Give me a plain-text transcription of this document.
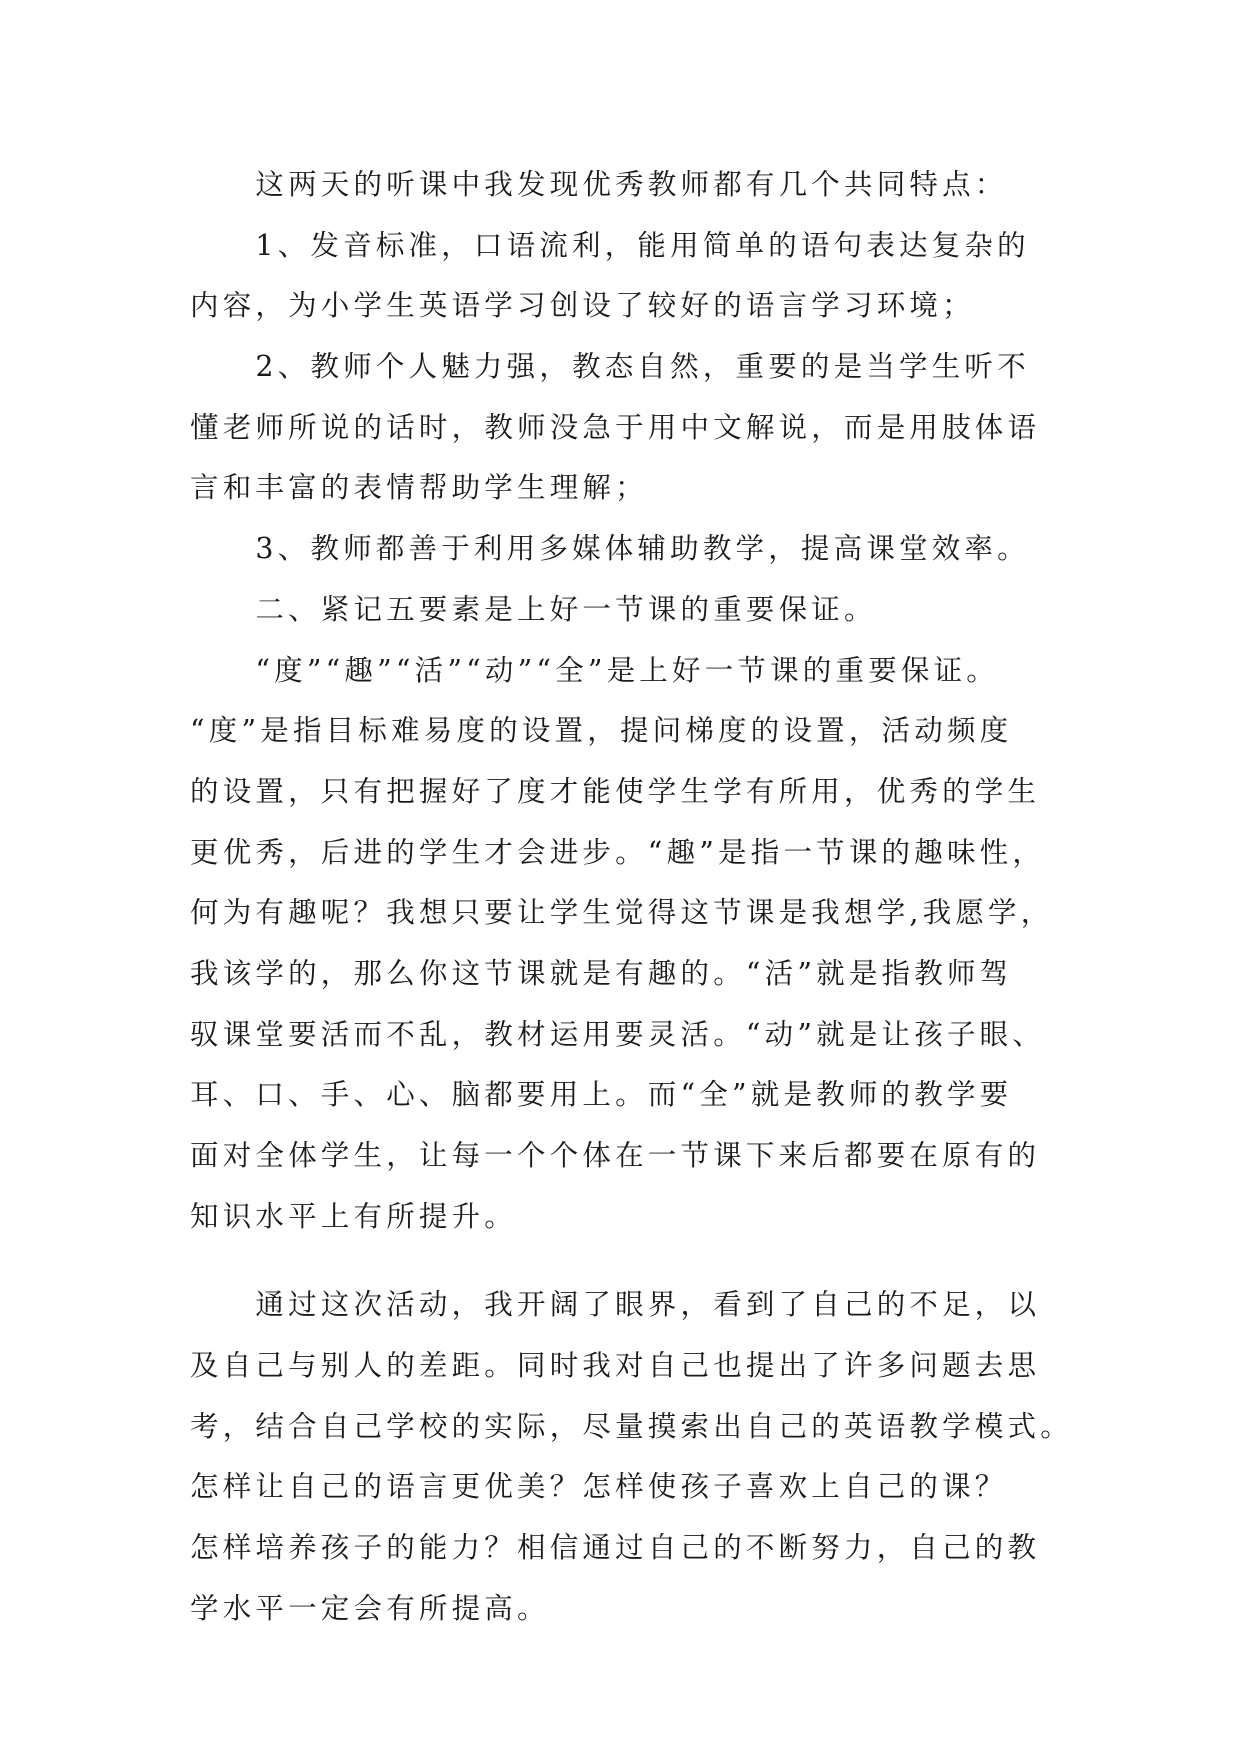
　　这两天的听课中我发现优秀教师都有几个共同特点：

　　1、发音标准，口语流利，能用简单的语句表达复杂的
内容，为小学生英语学习创设了较好的语言学习环境；

　　2、教师个人魅力强，教态自然，重要的是当学生听不
懂老师所说的话时，教师没急于用中文解说，而是用肢体语
言和丰富的表情帮助学生理解；

　　3、教师都善于利用多媒体辅助教学，提高课堂效率。

　　二、紧记五要素是上好一节课的重要保证。

　　“度”“趣”“活”“动”“全”是上好一节课的重要保证。
“度”是指目标难易度的设置，提问梯度的设置，活动频度
的设置，只有把握好了度才能使学生学有所用，优秀的学生
更优秀，后进的学生才会进步。“趣”是指一节课的趣味性，
何为有趣呢？我想只要让学生觉得这节课是我想学,我愿学，
我该学的，那么你这节课就是有趣的。“活”就是指教师驾
驭课堂要活而不乱，教材运用要灵活。“动”就是让孩子眼、
耳、口、手、心、脑都要用上。而“全”就是教师的教学要
面对全体学生，让每一个个体在一节课下来后都要在原有的
知识水平上有所提升。

　　通过这次活动，我开阔了眼界，看到了自己的不足，以
及自己与别人的差距。同时我对自己也提出了许多问题去思
考，结合自己学校的实际，尽量摸索出自己的英语教学模式。
怎样让自己的语言更优美？怎样使孩子喜欢上自己的课？
怎样培养孩子的能力？相信通过自己的不断努力，自己的教
学水平一定会有所提高。
